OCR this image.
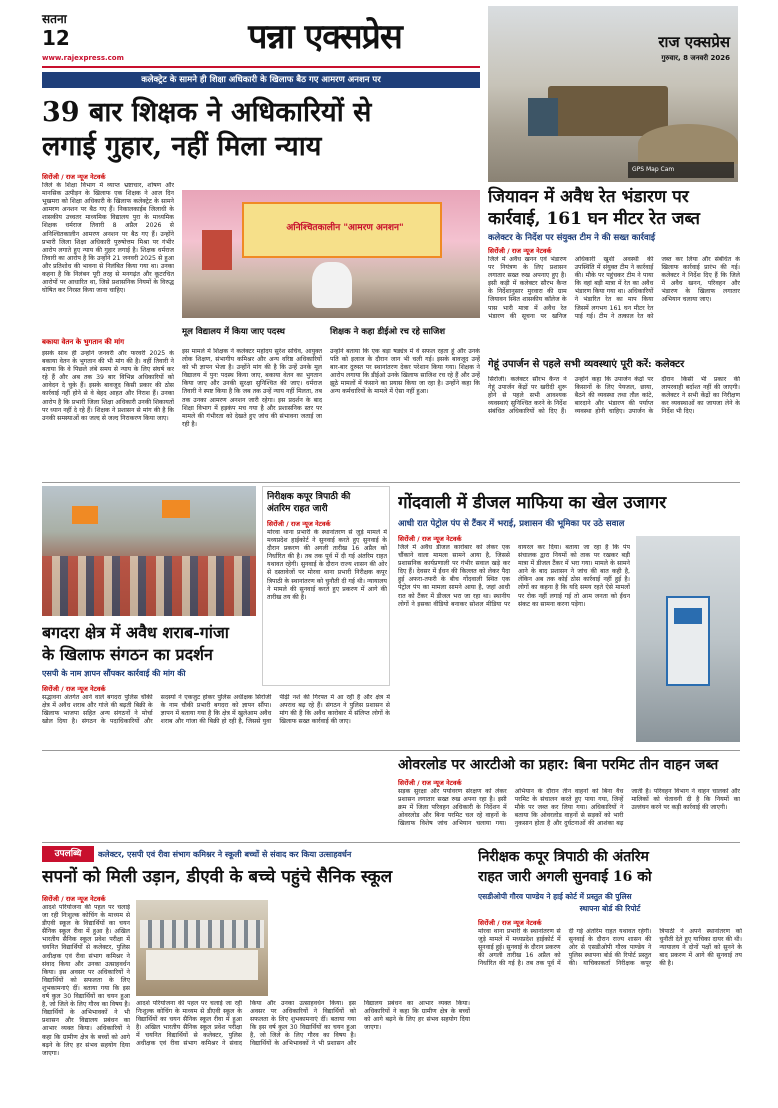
सतना
12
www.rajexpress.com
पन्ना एक्सप्रेस	राज एक्सप्रेस
गुरुवार, 8 जनवरी 2026
GPS Map Cam
कलेक्ट्रेट के सामने ही शिक्षा अधिकारी के खिलाफ बैठ गए आमरण अनशन पर
39 बार शिक्षक ने अधिकारियों से
लगाई गुहार, नहीं मिला न्याय
सिरोंजी / राज न्यूज नेटवर्क
जिले के शिक्षा विभाग में व्याप्त भ्रष्टाचार, शोषण और मानसिक उत्पीड़न के खिलाफ एक शिक्षक ने आज दिन भूखमरा को शिक्षा अधिकारी के खिलाफ कलेक्ट्रेट के सामने आमरण अनशन पर बैठ गए हैं। निकालकाईब जिलाधी के शासकीय उच्चतर माध्यमिक विद्यालय पुरा के माध्यमिक शिक्षक धर्मराज तिवारी 8 अप्रैल 2026 से अनिश्चितकालीन आमरण अनशन पर बैठ गए हैं। उन्होंने प्रभारी जिला शिक्षा अधिकारी पुरुषोत्तम मिश्रा पर गंभीर आरोप लगाते हुए न्याय की गुहार लगाई है। शिक्षक धर्मराज तिवारी का आरोप है कि उन्होंने 21 जनवरी 2025 से हुआ और प्रतिशोध की भावना से निलंबित किया गया था। उनका कहना है कि निलंबन पूरी तरह से मनगढ़ंत और कूटरचित आरोपों पर आधारित था, जिसे प्रशासनिक नियमों के विरुद्ध घोषित कर निरस्त किया जाना चाहिए।
बकाया वेतन के भुगतान की मांग
इसके साथ ही उन्होंने जनवरी और फरवरी 2025 के बकाया वेतन के भुगतान की भी मांग की है। वहीं तिवारी ने बताया कि वे पिछले लंबे समय से न्याय के लिए संघर्ष कर रहे हैं और अब तक 39 बार विभिन्न अधिकारियों को आवेदन दे चुके हैं। इसके बावजूद किसी प्रकार की ठोस कार्रवाई नहीं होने से वे बेहद आहत और निराश हैं। उनका आरोप है कि प्रभारी जिला शिक्षा अधिकारी उनकी शिकायतों पर ध्यान नहीं दे रहे हैं। शिक्षक ने प्रशासन से मांग की है कि उनकी समस्याओं का जल्द से जल्द निराकरण किया जाए।
अनिश्चितकालीन "आमरण अनशन"
मूल विद्यालय में किया जाए पदस्थ
इस मामले में शिक्षक ने कलेक्टर महोदय सुरेश सचिव, आयुक्त लोक शिक्षण, संभागीय कमिश्नर और अन्य वरिष्ठ अधिकारियों को भी ज्ञापन भेजा है। उन्होंने मांग की है कि उन्हें उनके मूल विद्यालय में पुनः पदस्थ किया जाए, बकाया वेतन का भुगतान किया जाए और उनकी सुरक्षा सुनिश्चित की जाए। धर्मराज तिवारी ने स्पष्ट किया है कि जब तक उन्हें न्याय नहीं मिलता, तब तक उनका आमरण अनशन जारी रहेगा। इस प्रदर्शन के बाद शिक्षा विभाग में हड़कंप मच गया है और प्रशासनिक स्तर पर मामले की गंभीरता को देखते हुए जांच की संभावना जताई जा रही है।
शिक्षक ने कहा डीईओ रच रहे साजिश
उन्होंने बताया कि एक बड़ा षड्यंत्र में वे सफल रहता हूं और उनके पति को इलाज के दौरान जान भी चली गई। इसके बावजूद उन्हें बार-बार दुरुस्त पर स्थानांतरण देकर परेशान किया गया। शिक्षक ने आरोप लगाया कि डीईओ उनके खिलाफ साजिश रच रहे हैं और उन्हें झूठे मामलों में फंसाने का प्रयास किया जा रहा है। उन्होंने कहा कि अन्य कर्मचारियों के मामले में ऐसा नहीं हुआ।
जियावन में अवैध रेत भंडारण पर
कार्रवाई, 161 घन मीटर रेत जब्त
कलेक्टर के निर्देश पर संयुक्त टीम ने की सख्त कार्रवाई
सिरोंजी / राज न्यूज नेटवर्क
जिले में अवैध खनन एवं भंडारण पर नियंत्रण के लिए प्रशासन लगातार सख्त रुख अपनाए हुए है। इसी कड़ी में कलेक्टर सौरभ कैन्त के निर्देशानुसार मुरवारा की ग्राम जियावन स्थित शासकीय कॉलेज के पास भारी मात्रा में अवैध रेत भंडारण की सूचना पर खनिज अधिकारी खुशी अवस्थी की उपस्थिति में संयुक्त टीम ने कार्रवाई की। मौके पर पहुंचकर टीम ने पाया कि वहां बड़ी मात्रा में रेत का अवैध भंडारण किया गया था। अधिकारियों ने भंडारित रेत का माप किया जिसमें लगभग 161 घन मीटर रेत पाई गई। टीम ने तत्काल रेत को जब्त कर लिया और संबंधित के खिलाफ कार्रवाई प्रारंभ की गई। कलेक्टर ने निर्देश दिए हैं कि जिले में अवैध खनन, परिवहन और भंडारण के खिलाफ लगातार अभियान चलाया जाए।
गेहूं उपार्जन से पहले सभी व्यवस्थाएं पूरी करें: कलेक्टर
सिरोंजी। कलेक्टर सौरभ कैन्त ने गेहूं उपार्जन केंद्रों पर खरीदी शुरू होने से पहले सभी आवश्यक व्यवस्थाएं सुनिश्चित करने के निर्देश संबंधित अधिकारियों को दिए हैं। उन्होंने कहा कि उपार्जन केंद्रों पर किसानों के लिए पेयजल, छाया, बैठने की व्यवस्था तथा तौल कांटे, बारदाने और भंडारण की पर्याप्त व्यवस्था होनी चाहिए। उपार्जन के दौरान किसी भी प्रकार की लापरवाही बर्दाश्त नहीं की जाएगी। कलेक्टर ने सभी केंद्रों का निरीक्षण कर व्यवस्थाओं का जायजा लेने के निर्देश भी दिए।
बगदरा क्षेत्र में अवैध शराब-गांजा
के खिलाफ संगठन का प्रदर्शन
एसपी के नाम ज्ञापन सौंपकर कार्रवाई की मांग की
सिरोंजी / राज न्यूज नेटवर्क
सद्भावना अंतर्गत आने वाले बगदरा पुलिस चौकी क्षेत्र में अवैध शराब और गांजे की बढ़ती बिक्री के खिलाफ भाजपा सहित अन्य संगठनों ने मोर्चा खोल दिया है। संगठन के पदाधिकारियों और सदस्यों ने एकजुट होकर पुलिस अधीक्षक सिरोंजी के नाम चौकी प्रभारी बगदरा को ज्ञापन सौंपा। ज्ञापन में बताया गया है कि क्षेत्र में खुलेआम अवैध शराब और गांजा की बिक्री हो रही है, जिससे युवा पीढ़ी नशे की गिरफ्त में आ रही है और क्षेत्र में अपराध बढ़ रहे हैं। संगठन ने पुलिस प्रशासन से मांग की है कि अवैध कारोबार में संलिप्त लोगों के खिलाफ सख्त कार्रवाई की जाए।
निरीक्षक कपूर त्रिपाठी की
अंतरिम राहत जारी
सिरोंजी / राज न्यूज नेटवर्क
मोरवा थाना प्रभारी के स्थानांतरण से जुड़े मामले में मध्यप्रदेश हाईकोर्ट ने सुनवाई करते हुए सुनवाई के दौरान प्रकरण की अगली तारीख 16 अप्रैल को निर्धारित की है। तब तक पूर्व में दी गई अंतरिम राहत यथावत रहेगी। सुनवाई के दौरान राज्य शासन की ओर से दस्तावेजों पर मोरवा थाना प्रभारी निरीक्षक कपूर त्रिपाठी के स्थानांतरण को चुनौती दी गई थी। न्यायालय ने मामले की सुनवाई करते हुए प्रकरण में आगे की तारीख तय की है।
गोंदवाली में डीजल माफिया का खेल उजागर
आधी रात पेट्रोल पंप से टैंकर में भराई, प्रशासन की भूमिका पर उठे सवाल
सिरोंजी / राज न्यूज नेटवर्क
जिले में अवैध डीजल कारोबार को लेकर एक चौंकाने वाला मामला सामने आया है, जिससे प्रशासनिक कार्यप्रणाली पर गंभीर सवाल खड़े कर दिए हैं। देवसर में ईंधन की किल्लत को लेकर पैदा हुई अफरा-तफरी के बीच गोंदवाली स्थित एक पेट्रोल पंप का मामला सामने आया है, जहां आधी रात को टैंकर में डीजल भरा जा रहा था। स्थानीय लोगों ने इसका वीडियो बनाकर सोशल मीडिया पर वायरल कर दिया। बताया जा रहा है कि पंप संचालक द्वारा नियमों को ताक पर रखकर बड़ी मात्रा में डीजल टैंकर में भरा गया। मामले के सामने आने के बाद प्रशासन ने जांच की बात कही है, लेकिन अब तक कोई ठोस कार्रवाई नहीं हुई है। लोगों का कहना है कि यदि समय रहते ऐसे मामलों पर रोक नहीं लगाई गई तो आम जनता को ईंधन संकट का सामना करना पड़ेगा।
ओवरलोड पर आरटीओ का प्रहार: बिना परमिट तीन वाहन जब्त
सिरोंजी / राज न्यूज नेटवर्क
सड़क सुरक्षा और पर्यावरण संरक्षण को लेकर प्रशासन लगातार सख्त रुख अपना रहा है। इसी क्रम में जिला परिवहन अधिकारी के निर्देशन में ओवरलोड और बिना परमिट चल रहे वाहनों के खिलाफ विशेष जांच अभियान चलाया गया। अभियान के दौरान तीन वाहनों को बिना वैध परमिट के संचालन करते हुए पाया गया, जिन्हें मौके पर जब्त कर लिया गया। अधिकारियों ने बताया कि ओवरलोड वाहनों से सड़कों को भारी नुकसान होता है और दुर्घटनाओं की आशंका बढ़ जाती है। परिवहन विभाग ने वाहन चालकों और मालिकों को चेतावनी दी है कि नियमों का उल्लंघन करने पर कड़ी कार्रवाई की जाएगी।
उपलब्धि	कलेक्टर, एसपी एवं रीवा संभाग कमिश्नर ने स्कूली बच्चों से संवाद कर किया उत्साहवर्धन
सपनों को मिली उड़ान, डीएवी के बच्चे पहुंचे सैनिक स्कूल
सिरोंजी / राज न्यूज नेटवर्क
आदर्श परियोजना की पहल पर चलाई जा रही निःशुल्क कोचिंग के माध्यम से डीएवी स्कूल के विद्यार्थियों का चयन सैनिक स्कूल रीवा में हुआ है। अखिल भारतीय सैनिक स्कूल प्रवेश परीक्षा में चयनित विद्यार्थियों से कलेक्टर, पुलिस अधीक्षक एवं रीवा संभाग कमिश्नर ने संवाद किया और उनका उत्साहवर्धन किया। इस अवसर पर अधिकारियों ने विद्यार्थियों को सफलता के लिए शुभकामनाएं दीं। बताया गया कि इस वर्ष कुल 30 विद्यार्थियों का चयन हुआ है, जो जिले के लिए गौरव का विषय है। विद्यार्थियों के अभिभावकों ने भी प्रशासन और विद्यालय प्रबंधन का आभार व्यक्त किया। अधिकारियों ने कहा कि ग्रामीण क्षेत्र के बच्चों को आगे बढ़ने के लिए हर संभव सहयोग दिया जाएगा।
आदर्श परियोजना की पहल पर चलाई जा रही निःशुल्क कोचिंग के माध्यम से डीएवी स्कूल के विद्यार्थियों का चयन सैनिक स्कूल रीवा में हुआ है। अखिल भारतीय सैनिक स्कूल प्रवेश परीक्षा में चयनित विद्यार्थियों से कलेक्टर, पुलिस अधीक्षक एवं रीवा संभाग कमिश्नर ने संवाद किया और उनका उत्साहवर्धन किया। इस अवसर पर अधिकारियों ने विद्यार्थियों को सफलता के लिए शुभकामनाएं दीं। बताया गया कि इस वर्ष कुल 30 विद्यार्थियों का चयन हुआ है, जो जिले के लिए गौरव का विषय है। विद्यार्थियों के अभिभावकों ने भी प्रशासन और विद्यालय प्रबंधन का आभार व्यक्त किया। अधिकारियों ने कहा कि ग्रामीण क्षेत्र के बच्चों को आगे बढ़ने के लिए हर संभव सहयोग दिया जाएगा।
निरीक्षक कपूर त्रिपाठी की अंतरिम
राहत जारी अगली सुनवाई 16 को
एसडीओपी गौरव पाण्डेय ने हाई कोर्ट में प्रस्तुत की पुलिस
स्थापना बोर्ड की रिपोर्ट
सिरोंजी / राज न्यूज नेटवर्क
मोरवा थाना प्रभारी के स्थानांतरण से जुड़े मामले में मध्यप्रदेश हाईकोर्ट में सुनवाई हुई। सुनवाई के दौरान प्रकरण की अगली तारीख 16 अप्रैल को निर्धारित की गई है। तब तक पूर्व में दी गई अंतरिम राहत यथावत रहेगी। सुनवाई के दौरान राज्य शासन की ओर से एसडीओपी गौरव पाण्डेय ने पुलिस स्थापना बोर्ड की रिपोर्ट प्रस्तुत की। याचिकाकर्ता निरीक्षक कपूर त्रिपाठी ने अपने स्थानांतरण को चुनौती देते हुए याचिका दायर की थी। न्यायालय ने दोनों पक्षों को सुनने के बाद प्रकरण में आगे की सुनवाई तय की है।
